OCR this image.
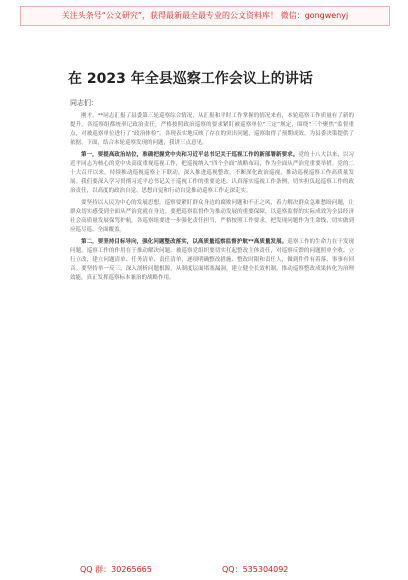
关注头条号“公文研究”，获得最新最全最专业的公文资料库！ 微信：gongwenyj
在 2023 年全县巡察工作会议上的讲话
同志们：

刚才，**同志汇报了县委第三轮巡察综合情况，从汇报和平时工作掌握的情况来看，本轮巡察工作质量有了新的提升。各巡察组都统率记政治责任，严格按照政治巡察的要求紧盯被巡察单位“三定”规定，围绕“三个聚焦”监督重点，对被巡察单位进行了“政治体检”。各现表实地反映了存在的突出问题，巡察取得了预期成效。为县委决策提供了依据。下面，结合本轮巡察发现的问题，我讲三点意见。

第一，要提高政治站位，准确把握党中央和习近平总书记关于巡视工作的新部署新要求。党的十八大以来，以习近平同志为核心的党中央高度重视巡视工作，把巡视纳入“四个全面”战略布局，作为全面从严治党重要举措。党的二十大召开以来，持续推动巡视巡察上下联动，深入推进巡视整改，不断深化政治巡视，推动巡视巡察工作高质量发展。我们要深入学习贯彻习近平总书记关于巡视工作的重要论述，认真落实巡视工作条例，切实担负起巡察工作的政治责任，以高度的政治自觉、思想自觉和行动自觉推动巡察工作走深走实。

要坚持以人民为中心的发展思想，巡察要紧盯群众身边的腐败问题和不正之风，着力解决群众急难愁盼问题，让群众切实感受到全面从严治党就在身边。要把巡察监督作为推动发展的重要保障，以巡察监督的实际成效为全县经济社会高质量发展保驾护航。各巡察组要进一步强化责任担当，严格按照工作要求，把发现问题作为生命线，切实做到应巡尽巡、全面覆盖。

第二，要坚持目标导向，强化问题整改落实，以高质量巡察监督护航**高质量发展。巡察工作的生命力在于发现问题，巡察工作的作用在于推动解决问题。被巡察党组织要切实扛起整改主体责任，对巡察反馈的问题照单全收、立行立改，建立问题清单、任务清单、责任清单，逐项明确整改措施、整改时限和责任人，做到件件有着落、事事有回音。要坚持举一反三，深入剖析问题根源，从制度层面堵塞漏洞，建立健全长效机制，推动巡察整改成果转化为治理效能，真正发挥巡察标本兼治的战略作用。

QQ 群：30265665	QQ：535304092
